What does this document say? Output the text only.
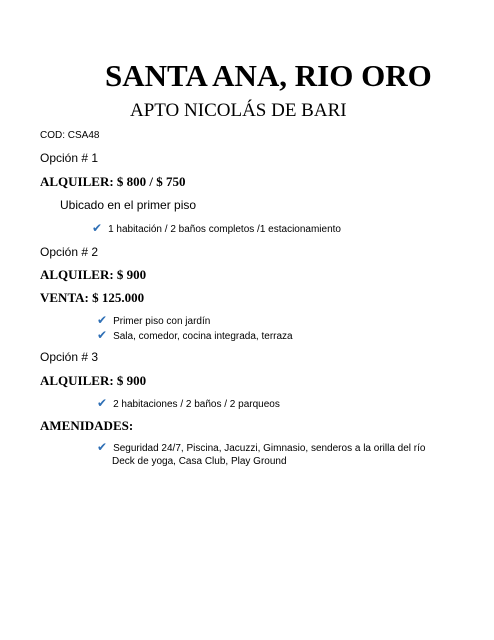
SANTA ANA, RIO ORO
APTO NICOLÁS DE BARI
COD: CSA48
Opción # 1
ALQUILER: $ 800 / $ 750
Ubicado en el primer piso
✔ 1 habitación / 2 baños completos /1 estacionamiento
Opción # 2
ALQUILER: $ 900
VENTA: $ 125.000
✔ Primer piso con jardín
✔ Sala, comedor, cocina integrada, terraza
Opción # 3
ALQUILER: $ 900
✔ 2 habitaciones / 2 baños / 2 parqueos
AMENIDADES:
✔ Seguridad 24/7, Piscina, Jacuzzi, Gimnasio, senderos a la orilla del río
Deck de yoga, Casa Club, Play Ground
